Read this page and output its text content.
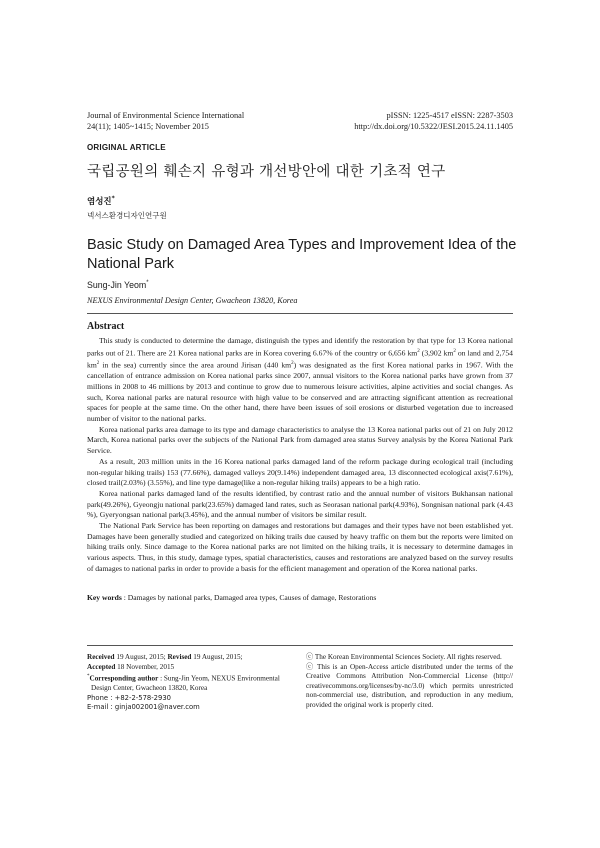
Journal of Environmental Science International
24(11); 1405~1415; November 2015
pISSN: 1225-4517 eISSN: 2287-3503
http://dx.doi.org/10.5322/JESI.2015.24.11.1405
ORIGINAL ARTICLE
국립공원의 훼손지 유형과 개선방안에 대한 기초적 연구
염성진*
넥서스환경디자인연구원
Basic Study on Damaged Area Types and Improvement Idea of the National Park
Sung-Jin Yeom*
NEXUS Environmental Design Center, Gwacheon 13820, Korea
Abstract

This study is conducted to determine the damage, distinguish the types and identify the restoration by that type for 13 Korea national parks out of 21. There are 21 Korea national parks are in Korea covering 6.67% of the country or 6,656 $km^2$ (3,902 $km^2$ on land and 2,754 $km^2$ in the sea) currently since the area around Jirisan (440 $km^2$) was designated as the first Korea national parks in 1967. With the cancellation of entrance admission on Korea national parks since 2007, annual visitors to the Korea national parks have grown from 37 millions in 2008 to 46 millions by 2013 and continue to grow due to numerous leisure activities, alpine activities and social changes. As such, Korea national parks are natural resource with high value to be conserved and are attracting significant attention as recreational spaces for people at the same time. On the other hand, there have been issues of soil erosions or disturbed vegetation due to increased number of visitor to the national parks.

Korea national parks area damage to its type and damage characteristics to analyse the 13 Korea national parks out of 21 on July 2012 March, Korea national parks over the subjects of the National Park from damaged area status Survey analysis by the Korea National Park Service.

As a result, 203 million units in the 16 Korea national parks damaged land of the reform package during ecological trail (including non-regular hiking trails) 153 (77.66%), damaged valleys 20(9.14%) independent damaged area, 13 disconnected ecological axis(7.61%), closed trail(2.03%) (3.55%), and line type damage(like a non-regular hiking trails) appears to be a high ratio.

Korea national parks damaged land of the results identified, by contrast ratio and the annual number of visitors Bukhansan national park(49.26%), Gyeongju national park(23.65%) damaged land rates, such as Seorasan national park(4.93%), Songnisan national park (4.43 %), Gyeryongsan national park(3.45%), and the annual number of visitors be similar result.

The National Park Service has been reporting on damages and restorations but damages and their types have not been established yet. Damages have been generally studied and categorized on hiking trails due caused by heavy traffic on them but the reports were limited on hiking trails only. Since damage to the Korea national parks are not limited on the hiking trails, it is necessary to determine damages in various aspects. Thus, in this study, damage types, spatial characteristics, causes and restorations are analyzed based on the survey results of damages to national parks in order to provide a basis for the efficient management and operation of the Korea national parks.

Key words : Damages by national parks, Damaged area types, Causes of damage, Restorations
Received 19 August, 2015; Revised 19 August, 2015;
Accepted 18 November, 2015
*Corresponding author : Sung-Jin Yeom, NEXUS Environmental
Design Center, Gwacheon 13820, Korea
Phone : +82-2-578-2930
E-mail : ginja002001@naver.com
ⓒ The Korean Environmental Sciences Society. All rights reserved.
ⓒ This is an Open-Access article distributed under the terms of the Creative Commons Attribution Non-Commercial License (http:// creativecommons.org/licenses/by-nc/3.0) which permits unrestricted non-commercial use, distribution, and reproduction in any medium, provided the original work is properly cited.
